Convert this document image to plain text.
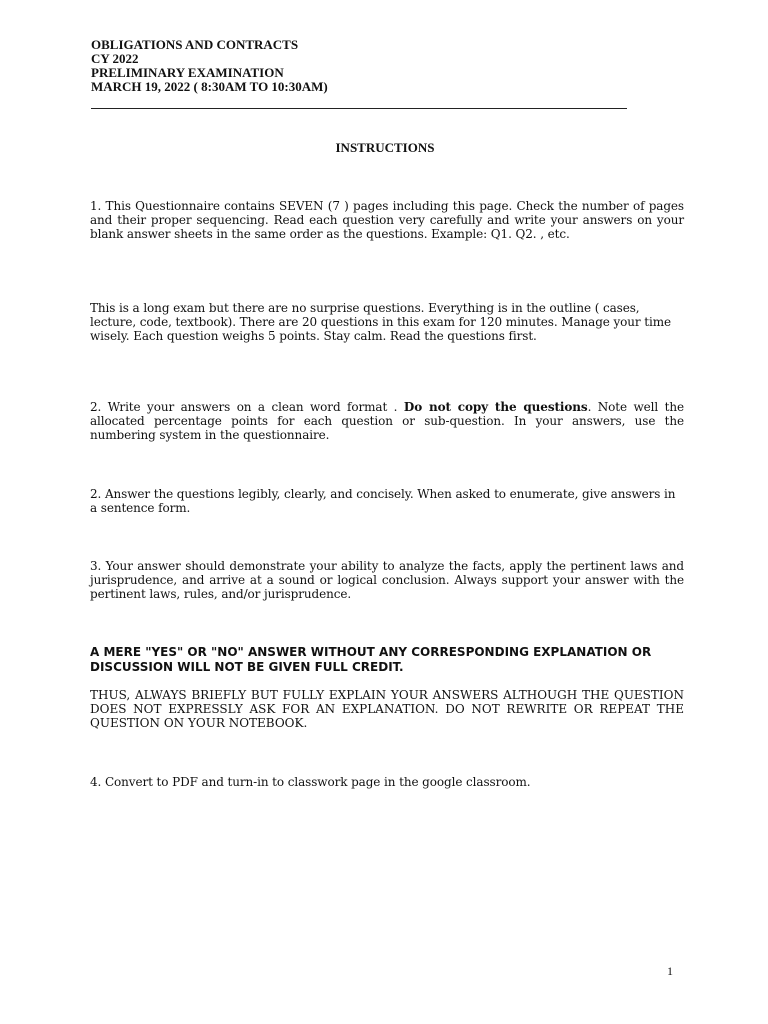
OBLIGATIONS AND CONTRACTS
CY 2022
PRELIMINARY EXAMINATION
MARCH 19, 2022 ( 8:30AM TO 10:30AM)
INSTRUCTIONS
1. This Questionnaire contains SEVEN (7 ) pages including this page. Check the number of pages and their proper sequencing. Read each question very carefully and write your answers on your blank answer sheets in the same order as the questions. Example: Q1. Q2. , etc.
This is a long exam but there are no surprise questions. Everything is in the outline ( cases, lecture, code, textbook). There are 20 questions in this exam for 120 minutes. Manage your time wisely. Each question weighs 5 points. Stay calm. Read the questions first.
2. Write your answers on a clean word format . Do not copy the questions. Note well the allocated percentage points for each question or sub-question. In your answers, use the numbering system in the questionnaire.
2. Answer the questions legibly, clearly, and concisely. When asked to enumerate, give answers in a sentence form.
3. Your answer should demonstrate your ability to analyze the facts, apply the pertinent laws and jurisprudence, and arrive at a sound or logical conclusion. Always support your answer with the pertinent laws, rules, and/or jurisprudence.
A MERE "YES" OR "NO" ANSWER WITHOUT ANY CORRESPONDING EXPLANATION OR DISCUSSION WILL NOT BE GIVEN FULL CREDIT.
THUS, ALWAYS BRIEFLY BUT FULLY EXPLAIN YOUR ANSWERS ALTHOUGH THE QUESTION DOES NOT EXPRESSLY ASK FOR AN EXPLANATION. DO NOT REWRITE OR REPEAT THE QUESTION ON YOUR NOTEBOOK.
4. Convert to PDF and turn-in to classwork page in the google classroom.
1
